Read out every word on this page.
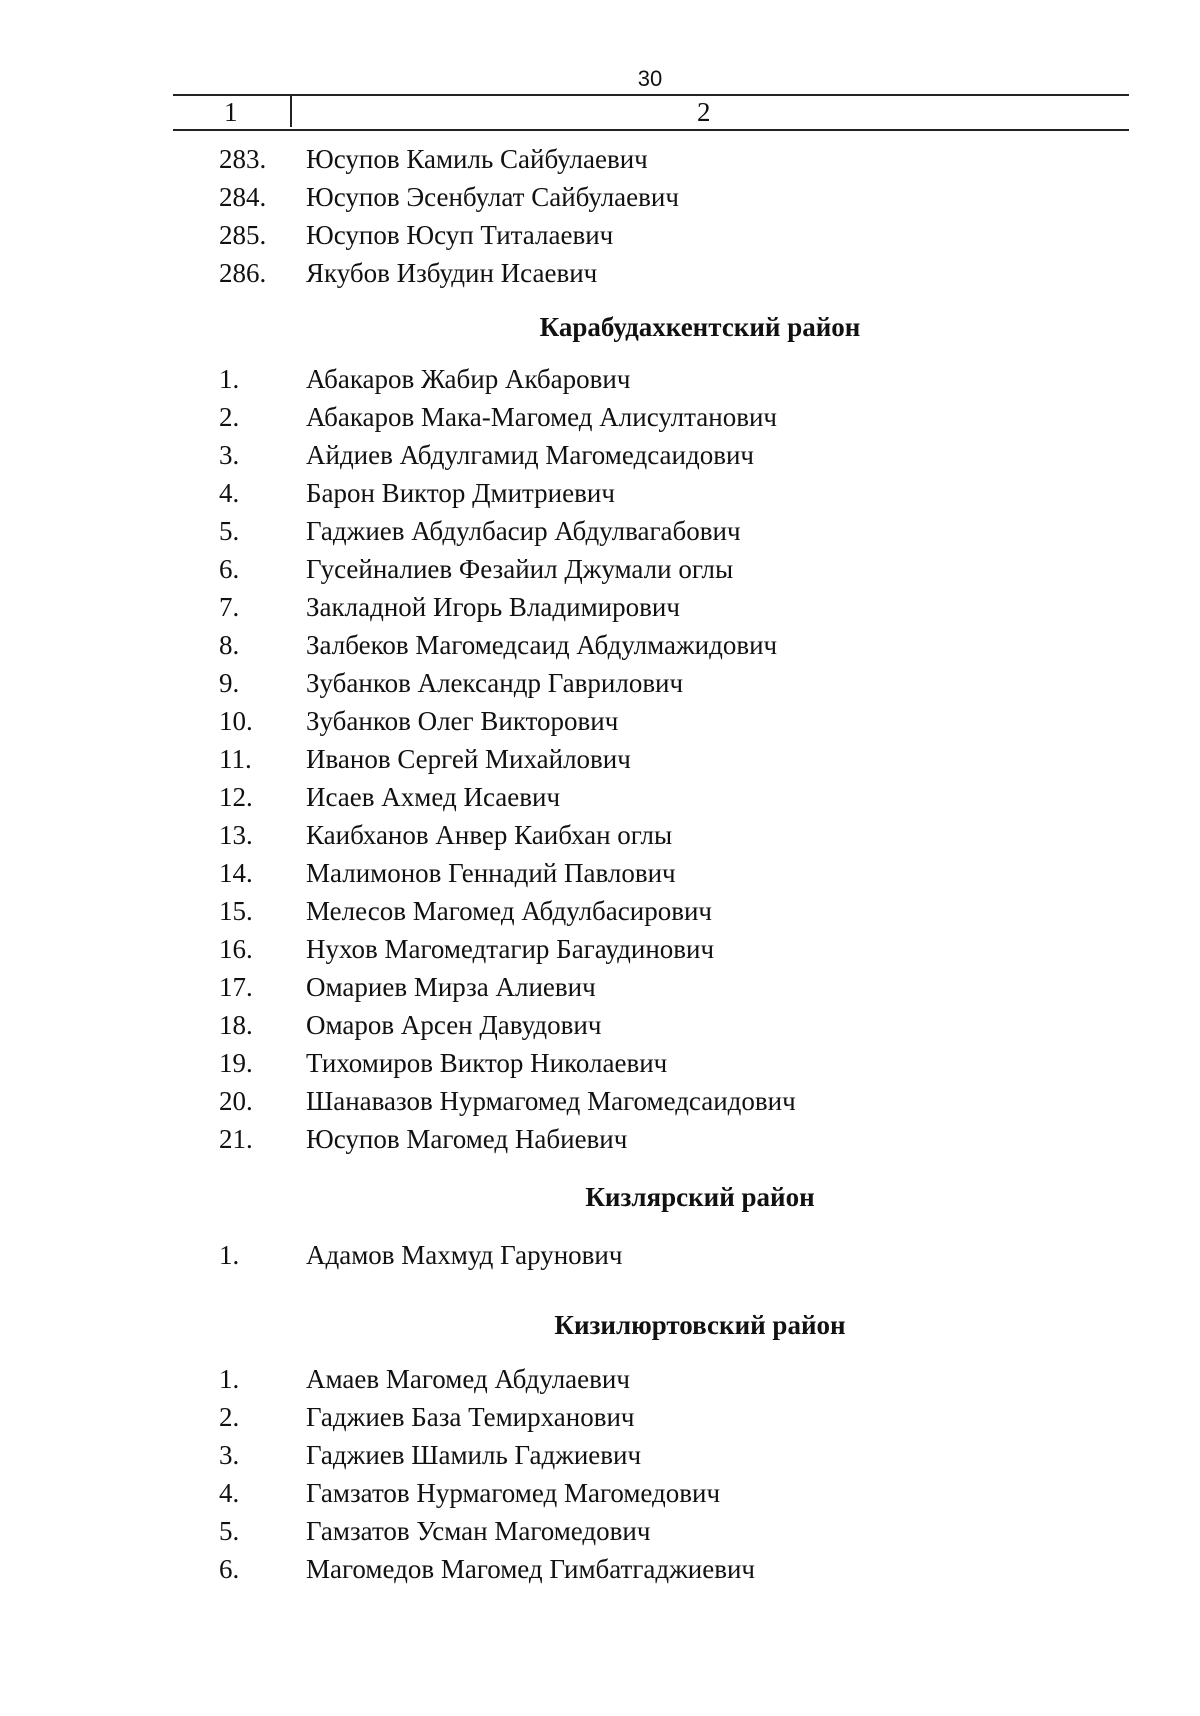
30
1	2
283. Юсупов Камиль Сайбулаевич
284. Юсупов Эсенбулат Сайбулаевич
285. Юсупов Юсуп Титалаевич
286. Якубов Избудин Исаевич
Карабудахкентский район
1. Абакаров Жабир Акбарович
2. Абакаров Мака-Магомед Алисултанович
3. Айдиев Абдулгамид Магомедсаидович
4. Барон Виктор Дмитриевич
5. Гаджиев Абдулбасир Абдулвагабович
6. Гусейналиев Фезайил Джумали оглы
7. Закладной Игорь Владимирович
8. Залбеков Магомедсаид Абдулмажидович
9. Зубанков Александр Гаврилович
10. Зубанков Олег Викторович
11. Иванов Сергей Михайлович
12. Исаев Ахмед Исаевич
13. Каибханов Анвер Каибхан оглы
14. Малимонов Геннадий Павлович
15. Мелесов Магомед Абдулбасирович
16. Нухов Магомедтагир Багаудинович
17. Омариев Мирза Алиевич
18. Омаров Арсен Давудович
19. Тихомиров Виктор Николаевич
20. Шанавазов Нурмагомед Магомедсаидович
21. Юсупов Магомед Набиевич
Кизлярский район
1. Адамов Махмуд Гарунович
Кизилюртовский район
1. Амаев Магомед Абдулаевич
2. Гаджиев База Темирханович
3. Гаджиев Шамиль Гаджиевич
4. Гамзатов Нурмагомед Магомедович
5. Гамзатов Усман Магомедович
6. Магомедов Магомед Гимбатгаджиевич
